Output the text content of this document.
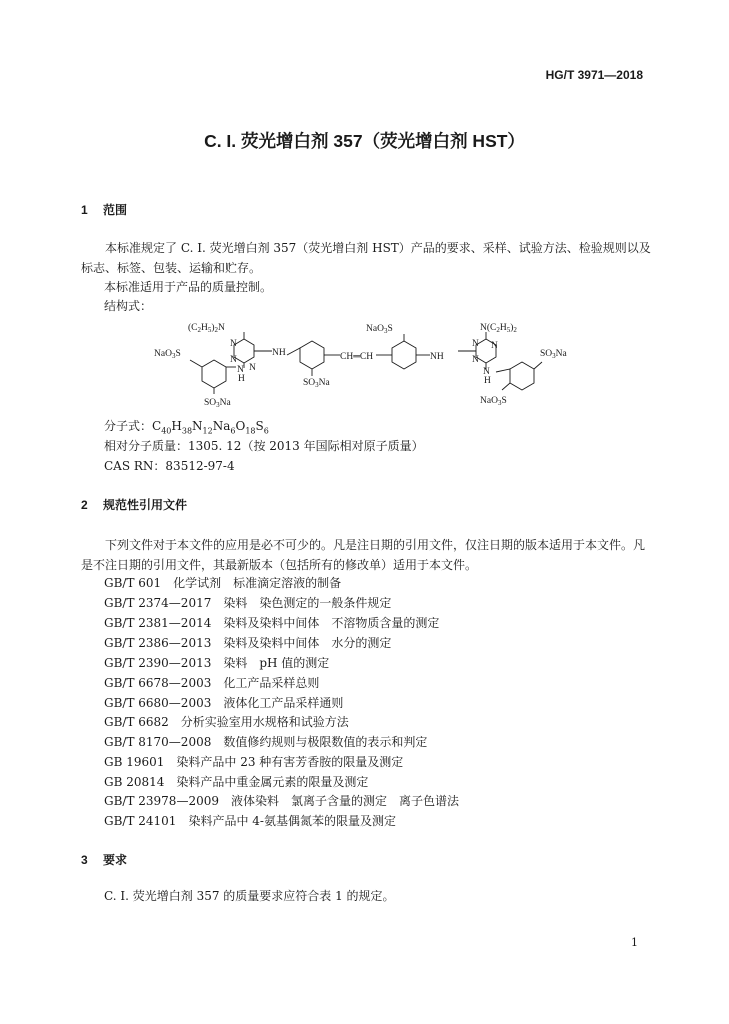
HG/T 3971—2018
C. I. 荧光增白剂 357（荧光增白剂 HST）
1 范围
本标准规定了 C. I. 荧光增白剂 357（荧光增白剂 HST）产品的要求、采样、试验方法、检验规则以及标志、标签、包装、运输和贮存。
本标准适用于产品的质量控制。
结构式：
$(C_2H_5)_2N$
N
N
N
NH
NaO$_3$S
N
H
$SO_3Na$
$SO_3Na$
CH═CH
NaO$_3$S
NH
$N(C_2H_5)_2$
N
N
N
N
H
$SO_3Na$
NaO$_3$S
分子式：$C_{40}H_{38}N_{12}Na_6O_{18}S_6$
相对分子质量：1305. 12（按 2013 年国际相对原子质量）
CAS RN：83512-97-4
2 规范性引用文件
下列文件对于本文件的应用是必不可少的。凡是注日期的引用文件，仅注日期的版本适用于本文件。凡是不注日期的引用文件，其最新版本（包括所有的修改单）适用于本文件。
GB/T 601　化学试剂　标准滴定溶液的制备
GB/T 2374—2017　染料　染色测定的一般条件规定
GB/T 2381—2014　染料及染料中间体　不溶物质含量的测定
GB/T 2386—2013　染料及染料中间体　水分的测定
GB/T 2390—2013　染料　pH 值的测定
GB/T 6678—2003　化工产品采样总则
GB/T 6680—2003　液体化工产品采样通则
GB/T 6682　分析实验室用水规格和试验方法
GB/T 8170—2008　数值修约规则与极限数值的表示和判定
GB 19601　染料产品中 23 种有害芳香胺的限量及测定
GB 20814　染料产品中重金属元素的限量及测定
GB/T 23978—2009　液体染料　氯离子含量的测定　离子色谱法
GB/T 24101　染料产品中 4-氨基偶氮苯的限量及测定
3 要求
C. I. 荧光增白剂 357 的质量要求应符合表 1 的规定。
1
